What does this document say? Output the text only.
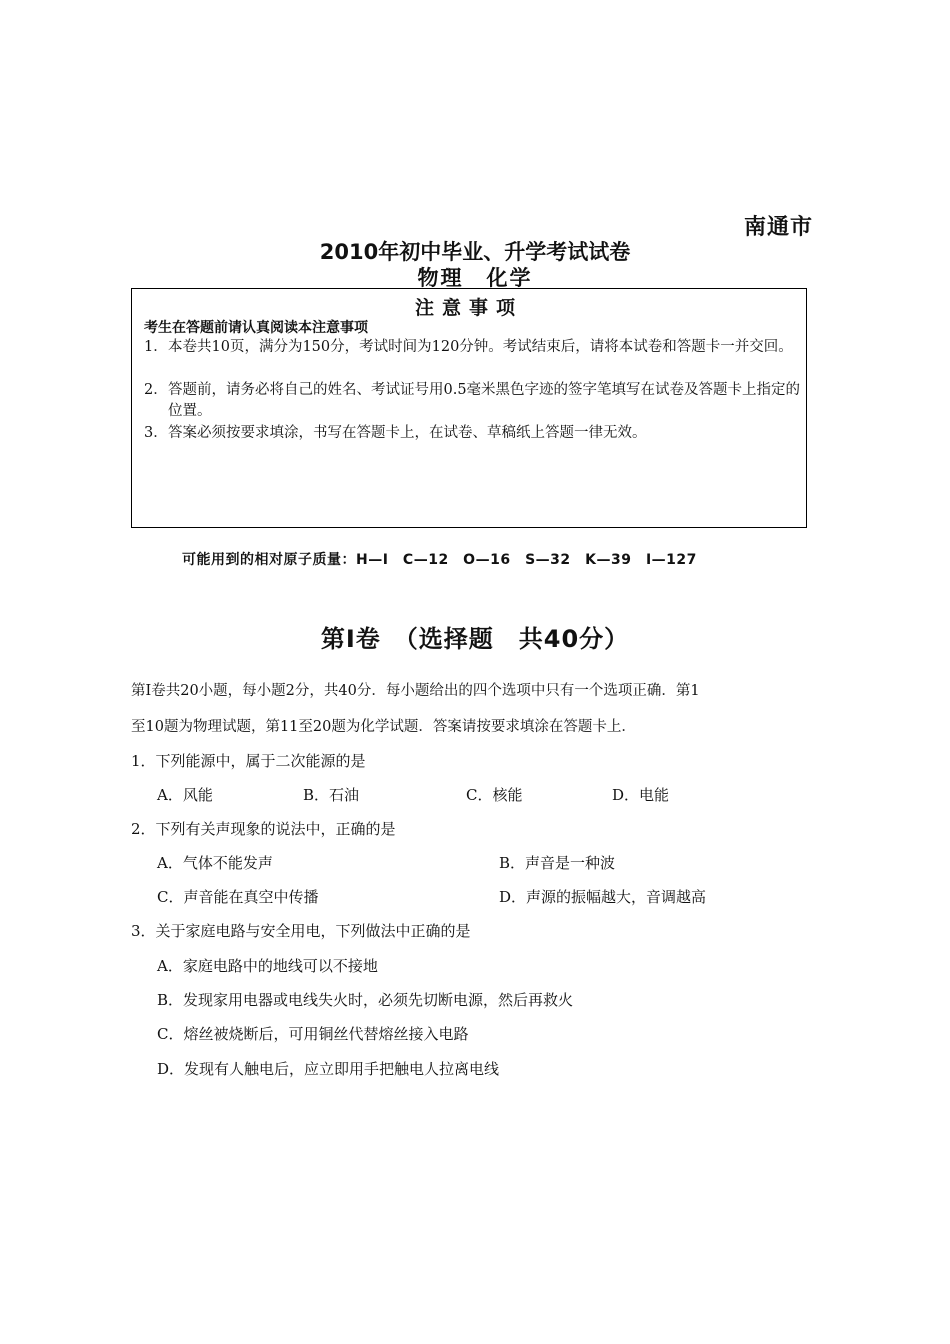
南通市
2010年初中毕业、升学考试试卷
物理　化学
注意事项
考生在答题前请认真阅读本注意事项
1． 本卷共10页，满分为150分，考试时间为120分钟。考试结束后，请将本试卷和答题卡一并交回。
2． 答题前，请务必将自己的姓名、考试证号用0.5毫米黑色字迹的签字笔填写在试卷及答题卡上指定的位置。
3． 答案必须按要求填涂，书写在答题卡上，在试卷、草稿纸上答题一律无效。
可能用到的相对原子质量：H—I　C—12　O—16　S—32　K—39　I—127
第Ⅰ卷　（选择题　共40分）
第Ⅰ卷共20小题，每小题2分，共40分．每小题给出的四个选项中只有一个选项正确．第1
至10题为物理试题，第11至20题为化学试题．答案请按要求填涂在答题卡上．
1．下列能源中，属于二次能源的是
A．风能	B．石油	C．核能	D．电能
2．下列有关声现象的说法中，正确的是
A．气体不能发声	B．声音是一种波
C．声音能在真空中传播	D．声源的振幅越大，音调越高
3．关于家庭电路与安全用电，下列做法中正确的是
A．家庭电路中的地线可以不接地
B．发现家用电器或电线失火时，必须先切断电源，然后再救火
C．熔丝被烧断后，可用铜丝代替熔丝接入电路
D．发现有人触电后，应立即用手把触电人拉离电线
